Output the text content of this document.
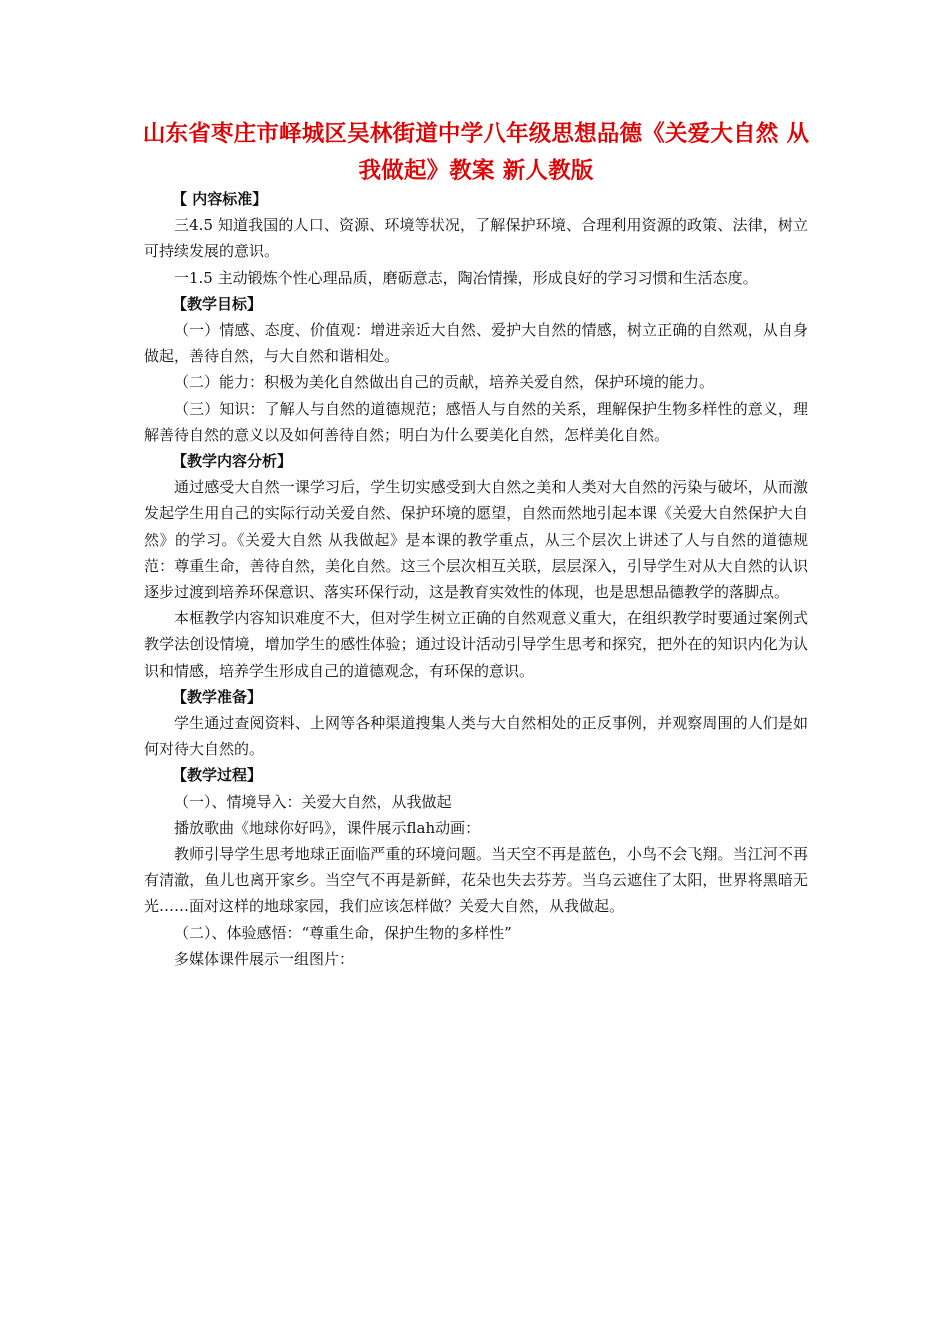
山东省枣庄市峄城区吴林街道中学八年级思想品德《关爱大自然 从
我做起》教案 新人教版
【 内容标准】

三4.5 知道我国的人口、资源、环境等状况，了解保护环境、合理利用资源的政策、法律，树立可持续发展的意识。

一1.5 主动锻炼个性心理品质，磨砺意志，陶冶情操，形成良好的学习习惯和生活态度。

【教学目标】

（一）情感、态度、价值观：增进亲近大自然、爱护大自然的情感，树立正确的自然观，从自身做起，善待自然，与大自然和谐相处。

（二）能力：积极为美化自然做出自己的贡献，培养关爱自然，保护环境的能力。

（三）知识：了解人与自然的道德规范；感悟人与自然的关系，理解保护生物多样性的意义，理解善待自然的意义以及如何善待自然；明白为什么要美化自然，怎样美化自然。

【教学内容分析】

通过感受大自然一课学习后，学生切实感受到大自然之美和人类对大自然的污染与破坏，从而激发起学生用自己的实际行动关爱自然、保护环境的愿望，自然而然地引起本课《关爱大自然保护大自然》的学习。《关爱大自然 从我做起》是本课的教学重点，从三个层次上讲述了人与自然的道德规范：尊重生命，善待自然，美化自然。这三个层次相互关联，层层深入，引导学生对从大自然的认识逐步过渡到培养环保意识、落实环保行动，这是教育实效性的体现，也是思想品德教学的落脚点。

本框教学内容知识难度不大，但对学生树立正确的自然观意义重大，在组织教学时要通过案例式教学法创设情境，增加学生的感性体验；通过设计活动引导学生思考和探究，把外在的知识内化为认识和情感，培养学生形成自己的道德观念，有环保的意识。

【教学准备】

学生通过查阅资料、上网等各种渠道搜集人类与大自然相处的正反事例，并观察周围的人们是如何对待大自然的。

【教学过程】

（一）、情境导入：关爱大自然，从我做起

播放歌曲《地球你好吗》，课件展示flah动画：

教师引导学生思考地球正面临严重的环境问题。当天空不再是蓝色，小鸟不会飞翔。当江河不再有清澈，鱼儿也离开家乡。当空气不再是新鲜，花朵也失去芬芳。当乌云遮住了太阳，世界将黑暗无光……面对这样的地球家园，我们应该怎样做？关爱大自然，从我做起。

（二）、体验感悟：“尊重生命，保护生物的多样性”

多媒体课件展示一组图片：
